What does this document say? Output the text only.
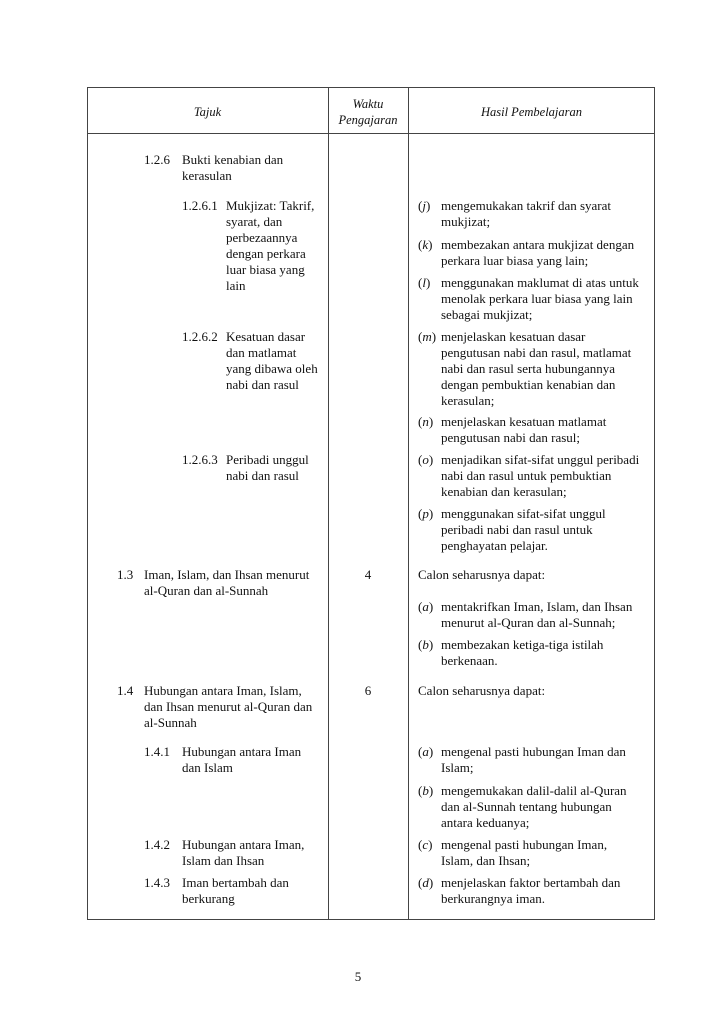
Tajuk
Waktu
Pengajaran
Hasil Pembelajaran
1.2.6 Bukti kenabian dan
kerasulan
1.2.6.1 Mukjizat: Takrif,
syarat, dan
perbezaannya
dengan perkara
luar biasa yang
lain
1.2.6.2 Kesatuan dasar
dan matlamat
yang dibawa oleh
nabi dan rasul
1.2.6.3 Peribadi unggul
nabi dan rasul
1.3 Iman, Islam, dan Ihsan menurut
al-Quran dan al-Sunnah
1.4 Hubungan antara Iman, Islam,
dan Ihsan menurut al-Quran dan
al-Sunnah
1.4.1 Hubungan antara Iman
dan Islam
1.4.2 Hubungan antara Iman,
Islam dan Ihsan
1.4.3 Iman bertambah dan
berkurang
4
6
(j) mengemukakan takrif dan syarat
mukjizat;
(k) membezakan antara mukjizat dengan
perkara luar biasa yang lain;
(l) menggunakan maklumat di atas untuk
menolak perkara luar biasa yang lain
sebagai mukjizat;
(m) menjelaskan kesatuan dasar
pengutusan nabi dan rasul, matlamat
nabi dan rasul serta hubungannya
dengan pembuktian kenabian dan
kerasulan;
(n) menjelaskan kesatuan matlamat
pengutusan nabi dan rasul;
(o) menjadikan sifat-sifat unggul peribadi
nabi dan rasul untuk pembuktian
kenabian dan kerasulan;
(p) menggunakan sifat-sifat unggul
peribadi nabi dan rasul untuk
penghayatan pelajar.
Calon seharusnya dapat:
(a) mentakrifkan Iman, Islam, dan Ihsan
menurut al-Quran dan al-Sunnah;
(b) membezakan ketiga-tiga istilah
berkenaan.
Calon seharusnya dapat:
(a) mengenal pasti hubungan Iman dan
Islam;
(b) mengemukakan dalil-dalil al-Quran
dan al-Sunnah tentang hubungan
antara keduanya;
(c) mengenal pasti hubungan Iman,
Islam, dan Ihsan;
(d) menjelaskan faktor bertambah dan
berkurangnya iman.
5
